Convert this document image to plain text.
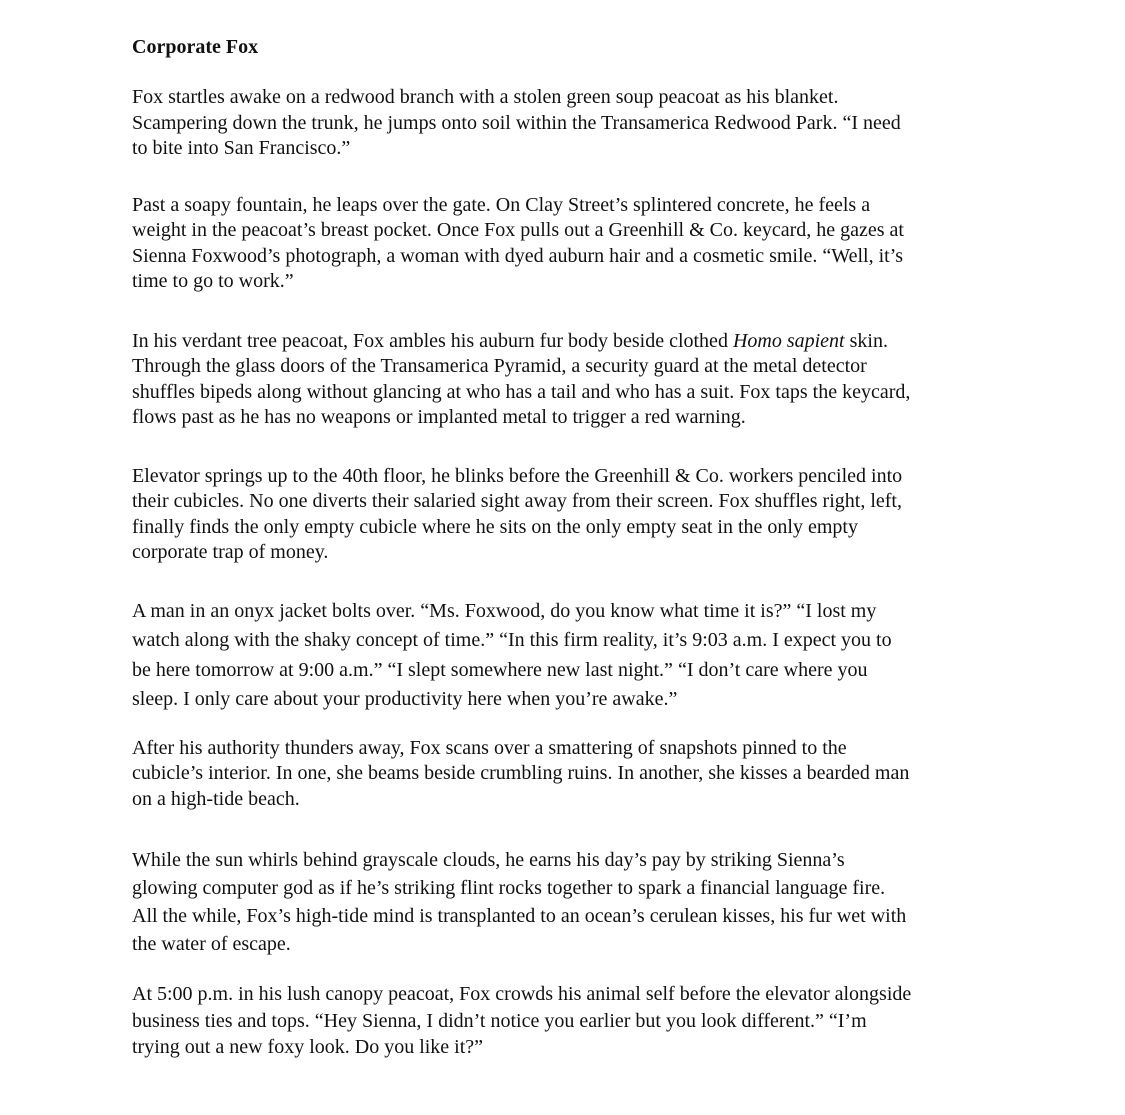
Corporate Fox

Fox startles awake on a redwood branch with a stolen green soup peacoat as his blanket.
Scampering down the trunk, he jumps onto soil within the Transamerica Redwood Park. “I need
to bite into San Francisco.”

Past a soapy fountain, he leaps over the gate. On Clay Street’s splintered concrete, he feels a
weight in the peacoat’s breast pocket. Once Fox pulls out a Greenhill & Co. keycard, he gazes at
Sienna Foxwood’s photograph, a woman with dyed auburn hair and a cosmetic smile. “Well, it’s
time to go to work.”

In his verdant tree peacoat, Fox ambles his auburn fur body beside clothed Homo sapient skin.
Through the glass doors of the Transamerica Pyramid, a security guard at the metal detector
shuffles bipeds along without glancing at who has a tail and who has a suit. Fox taps the keycard,
flows past as he has no weapons or implanted metal to trigger a red warning.

Elevator springs up to the 40th floor, he blinks before the Greenhill & Co. workers penciled into
their cubicles. No one diverts their salaried sight away from their screen. Fox shuffles right, left,
finally finds the only empty cubicle where he sits on the only empty seat in the only empty
corporate trap of money.

A man in an onyx jacket bolts over. “Ms. Foxwood, do you know what time it is?” “I lost my
watch along with the shaky concept of time.” “In this firm reality, it’s 9:03 a.m. I expect you to
be here tomorrow at 9:00 a.m.” “I slept somewhere new last night.” “I don’t care where you
sleep. I only care about your productivity here when you’re awake.”

After his authority thunders away, Fox scans over a smattering of snapshots pinned to the
cubicle’s interior. In one, she beams beside crumbling ruins. In another, she kisses a bearded man
on a high-tide beach.

While the sun whirls behind grayscale clouds, he earns his day’s pay by striking Sienna’s
glowing computer god as if he’s striking flint rocks together to spark a financial language fire.
All the while, Fox’s high-tide mind is transplanted to an ocean’s cerulean kisses, his fur wet with
the water of escape.

At 5:00 p.m. in his lush canopy peacoat, Fox crowds his animal self before the elevator alongside
business ties and tops. “Hey Sienna, I didn’t notice you earlier but you look different.” “I’m
trying out a new foxy look. Do you like it?”
